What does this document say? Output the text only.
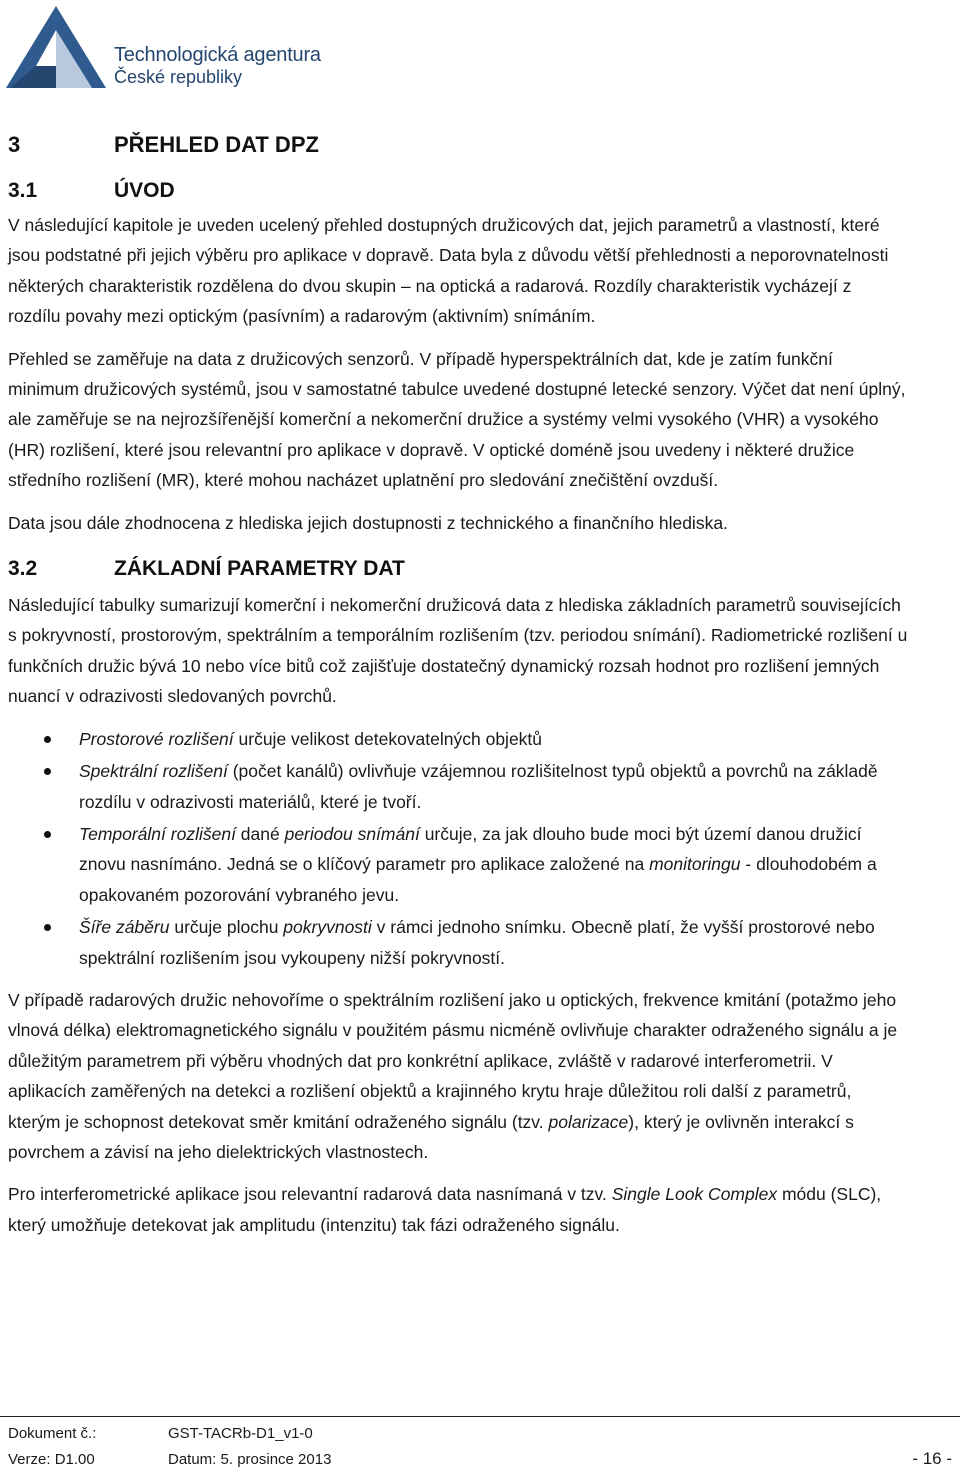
Technologická agentura
České republiky
3	PŘEHLED DAT DPZ
3.1	ÚVOD

V následující kapitole je uveden ucelený přehled dostupných družicových dat, jejich parametrů a vlastností, které jsou podstatné při jejich výběru pro aplikace v dopravě. Data byla z důvodu větší přehlednosti a neporovnatelnosti některých charakteristik rozdělena do dvou skupin – na optická a radarová. Rozdíly charakteristik vycházejí z rozdílu povahy mezi optickým (pasívním) a radarovým (aktivním) snímáním.

Přehled se zaměřuje na data z družicových senzorů. V případě hyperspektrálních dat, kde je zatím funkční minimum družicových systémů, jsou v samostatné tabulce uvedené dostupné letecké senzory. Výčet dat není úplný, ale zaměřuje se na nejrozšířenější komerční a nekomerční družice a systémy velmi vysokého (VHR) a vysokého (HR) rozlišení, které jsou relevantní pro aplikace v dopravě. V optické doméně jsou uvedeny i některé družice středního rozlišení (MR), které mohou nacházet uplatnění pro sledování znečištění ovzduší.

Data jsou dále zhodnocena z hlediska jejich dostupnosti z technického a finančního hlediska.

3.2	ZÁKLADNÍ PARAMETRY DAT

Následující tabulky sumarizují komerční i nekomerční družicová data z hlediska základních parametrů souvisejících s pokryvností, prostorovým, spektrálním a temporálním rozlišením (tzv. periodou snímání). Radiometrické rozlišení u funkčních družic bývá 10 nebo více bitů což zajišťuje dostatečný dynamický rozsah hodnot pro rozlišení jemných nuancí v odrazivosti sledovaných povrchů.

Prostorové rozlišení určuje velikost detekovatelných objektů
Spektrální rozlišení (počet kanálů) ovlivňuje vzájemnou rozlišitelnost typů objektů a povrchů na základě rozdílu v odrazivosti materiálů, které je tvoří.
Temporální rozlišení dané periodou snímání určuje, za jak dlouho bude moci být území danou družicí znovu nasnímáno. Jedná se o klíčový parametr pro aplikace založené na monitoringu - dlouhodobém a opakovaném pozorování vybraného jevu.
Šíře záběru určuje plochu pokryvnosti v rámci jednoho snímku. Obecně platí, že vyšší prostorové nebo spektrální rozlišením jsou vykoupeny nižší pokryvností.

V případě radarových družic nehovoříme o spektrálním rozlišení jako u optických, frekvence kmitání (potažmo jeho vlnová délka) elektromagnetického signálu v použitém pásmu nicméně ovlivňuje charakter odraženého signálu a je důležitým parametrem při výběru vhodných dat pro konkrétní aplikace, zvláště v radarové interferometrii. V aplikacích zaměřených na detekci a rozlišení objektů a krajinného krytu hraje důležitou roli další z parametrů, kterým je schopnost detekovat směr kmitání odraženého signálu (tzv. polarizace), který je ovlivněn interakcí s povrchem a závisí na jeho dielektrických vlastnostech.

Pro interferometrické aplikace jsou relevantní radarová data nasnímaná v tzv. Single Look Complex módu (SLC), který umožňuje detekovat jak amplitudu (intenzitu) tak fázi odraženého signálu.

Dokument č.:	GST-TACRb-D1_v1-0
Verze: D1.00	Datum: 5. prosince 2013	- 16 -
